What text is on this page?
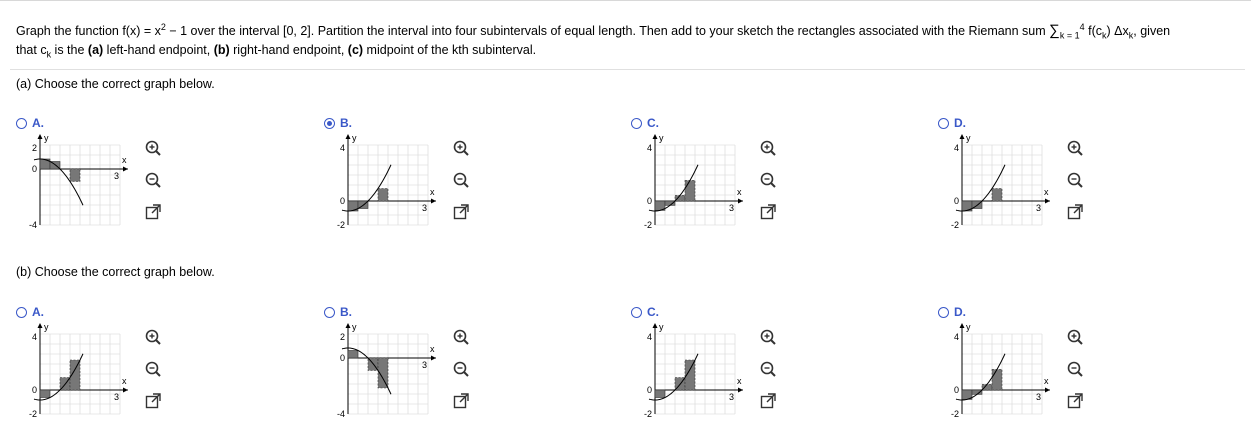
Graph the function $f(x) = x^2 - 1$ over the interval [0, 2]. Partition the interval into four subintervals of equal length. Then add to your sketch the rectangles associated with the Riemann sum $\sum_{k = 1}^4$ $f(c_k)$ $\Delta x_k$, given
that $c_k$ is the (a) left-hand endpoint, (b) right-hand endpoint, (c) midpoint of the kth subinterval.
(a) Choose the correct graph below.
(b) Choose the correct graph below.
A.
y
x
2
0
-4
3
B.
y
x
4
0
-2
3
C.
y
x
4
0
-2
3
D.
y
x
4
0
-2
3
A.
y
x
4
0
-2
3
B.
y
x
2
0
-4
3
C.
y
x
4
0
-2
3
D.
y
x
4
0
-2
3
